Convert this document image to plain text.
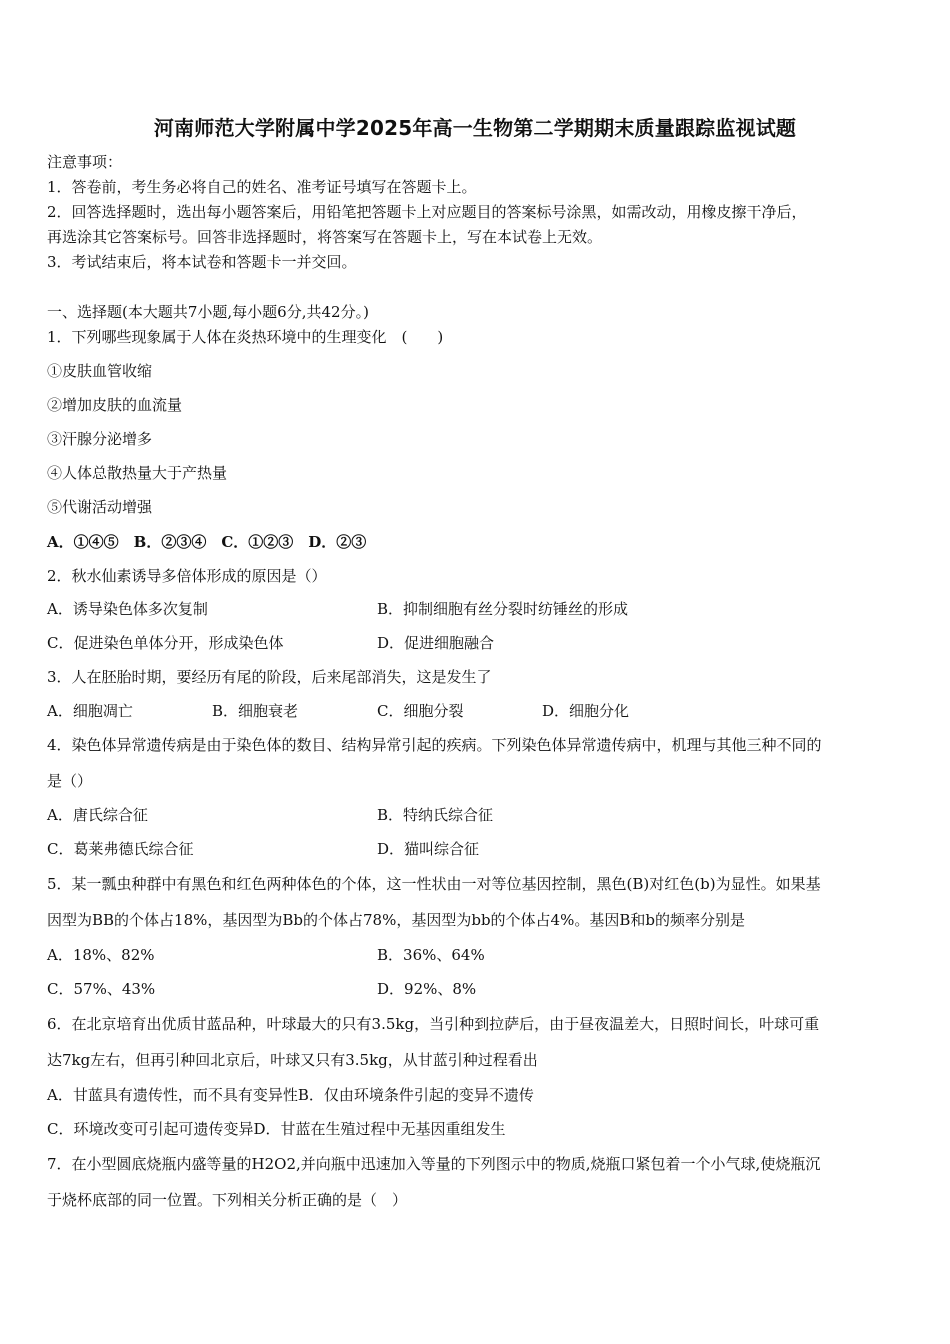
河南师范大学附属中学2025年高一生物第二学期期末质量跟踪监视试题
注意事项：
1．答卷前，考生务必将自己的姓名、准考证号填写在答题卡上。
2．回答选择题时，选出每小题答案后，用铅笔把答题卡上对应题目的答案标号涂黑，如需改动，用橡皮擦干净后，
再选涂其它答案标号。回答非选择题时，将答案写在答题卡上，写在本试卷上无效。
3．考试结束后，将本试卷和答题卡一并交回。
一、选择题(本大题共7小题,每小题6分,共42分。)
1．下列哪些现象属于人体在炎热环境中的生理变化　(　　)
①皮肤血管收缩
②增加皮肤的血流量
③汗腺分泌增多
④人体总散热量大于产热量
⑤代谢活动增强
A．①④⑤　B．②③④　C．①②③　D．②③
2．秋水仙素诱导多倍体形成的原因是（）
A．诱导染色体多次复制	B．抑制细胞有丝分裂时纺锤丝的形成
C．促进染色单体分开，形成染色体	D．促进细胞融合
3．人在胚胎时期，要经历有尾的阶段，后来尾部消失，这是发生了
A．细胞凋亡	B．细胞衰老	C．细胞分裂	D．细胞分化
4．染色体异常遗传病是由于染色体的数目、结构异常引起的疾病。下列染色体异常遗传病中，机理与其他三种不同的
是（）
A．唐氏综合征	B．特纳氏综合征
C．葛莱弗德氏综合征	D．猫叫综合征
5．某一瓢虫种群中有黑色和红色两种体色的个体，这一性状由一对等位基因控制，黑色(B)对红色(b)为显性。如果基
因型为BB的个体占18%，基因型为Bb的个体占78%，基因型为bb的个体占4%。基因B和b的频率分别是
A．18%、82%	B．36%、64%
C．57%、43%	D．92%、8%
6．在北京培育出优质甘蓝品种，叶球最大的只有3.5kg，当引种到拉萨后，由于昼夜温差大，日照时间长，叶球可重
达7kg左右，但再引种回北京后，叶球又只有3.5kg，从甘蓝引种过程看出
A．甘蓝具有遗传性，而不具有变异性B．仅由环境条件引起的变异不遗传
C．环境改变可引起可遗传变异D．甘蓝在生殖过程中无基因重组发生
7．在小型圆底烧瓶内盛等量的H2O2,并向瓶中迅速加入等量的下列图示中的物质,烧瓶口紧包着一个小气球,使烧瓶沉
于烧杯底部的同一位置。下列相关分析正确的是（　）
